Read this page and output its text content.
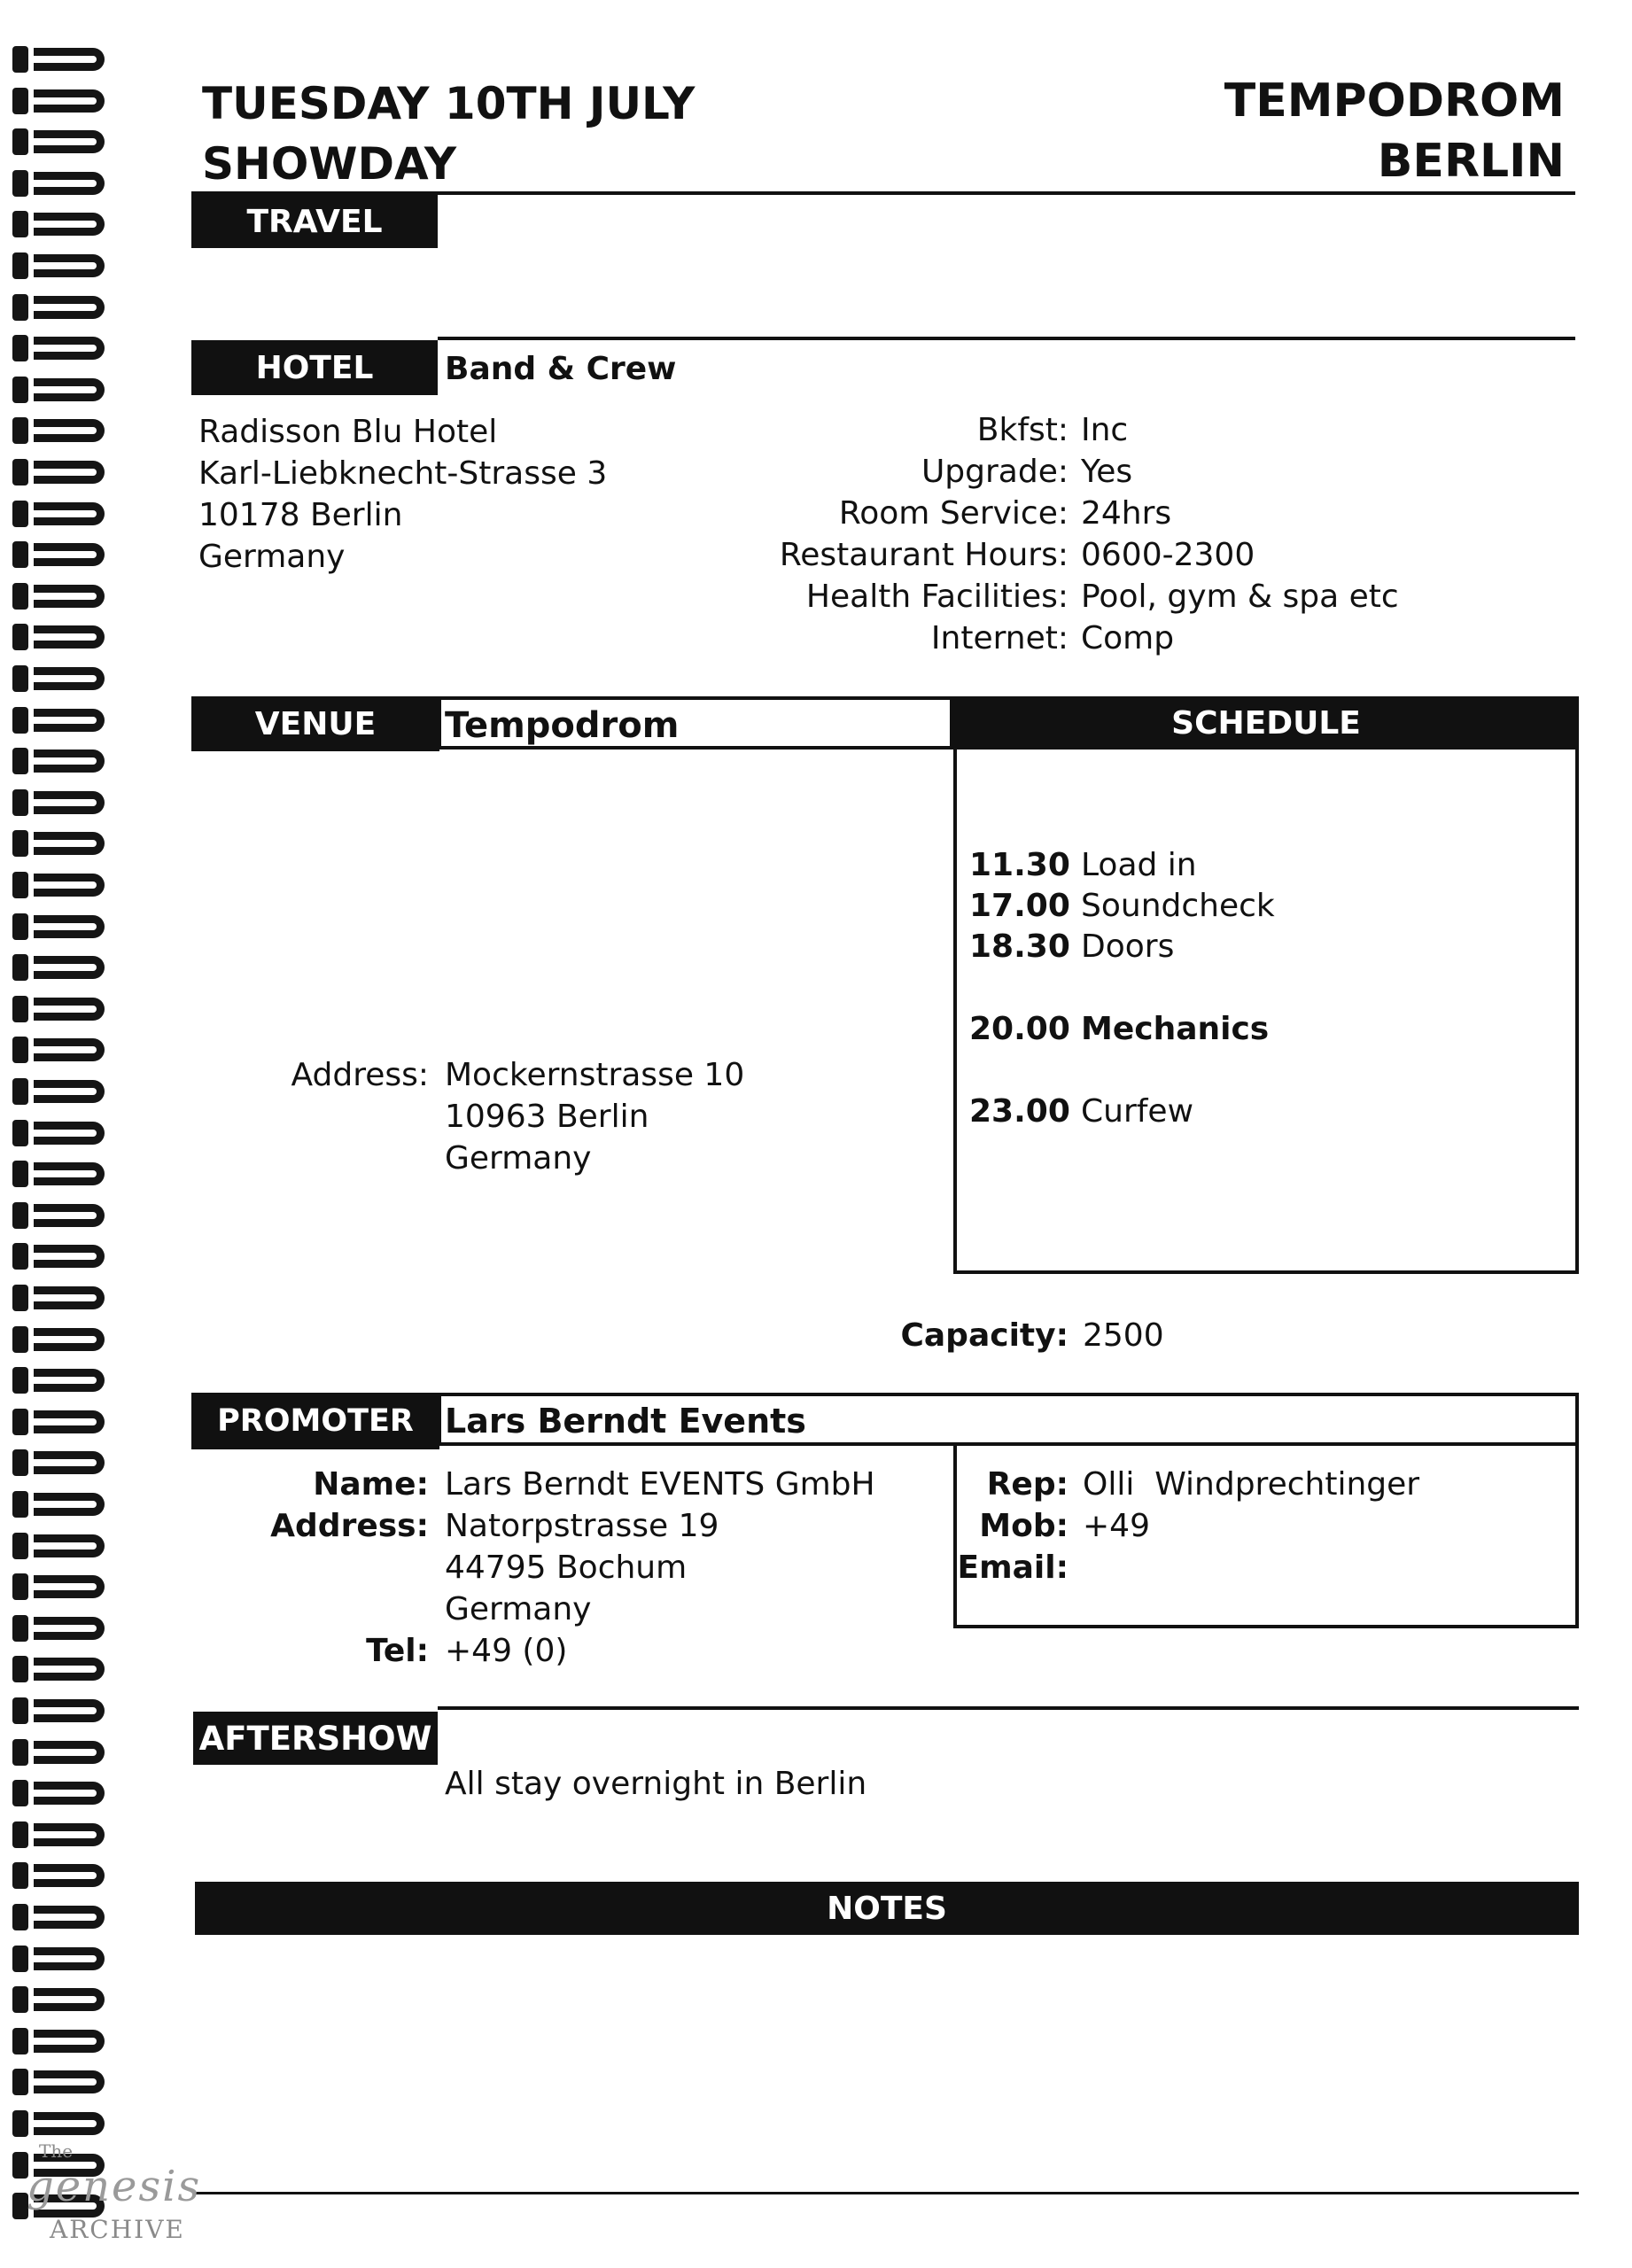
TUESDAY 10TH JULY
SHOWDAY
TEMPODROM
BERLIN
TRAVEL
HOTEL	Band & Crew
Radisson Blu Hotel
Karl-Liebknecht-Strasse 3
10178 Berlin
Germany
Bkfst:
Upgrade:
Room Service:
Restaurant Hours:
Health Facilities:
Internet:
Inc
Yes
24hrs
0600-2300
Pool, gym & spa etc
Comp
VENUE	Tempodrom
Address: Mockernstrasse 10
10963 Berlin
Germany
SCHEDULE
11.30 Load in
17.00 Soundcheck
18.30 Doors
20.00 Mechanics
23.00 Curfew
Capacity: 2500
PROMOTER Lars Berndt Events
Name:
Address:

Tel:
Lars Berndt EVENTS GmbH
Natorpstrasse 19
44795 Bochum
Germany
+49 (0)
Rep:
Mob:
Email:
Olli  Windprechtinger
+49

AFTERSHOW
All stay overnight in Berlin
NOTES
The
genesis
ARCHIVE
